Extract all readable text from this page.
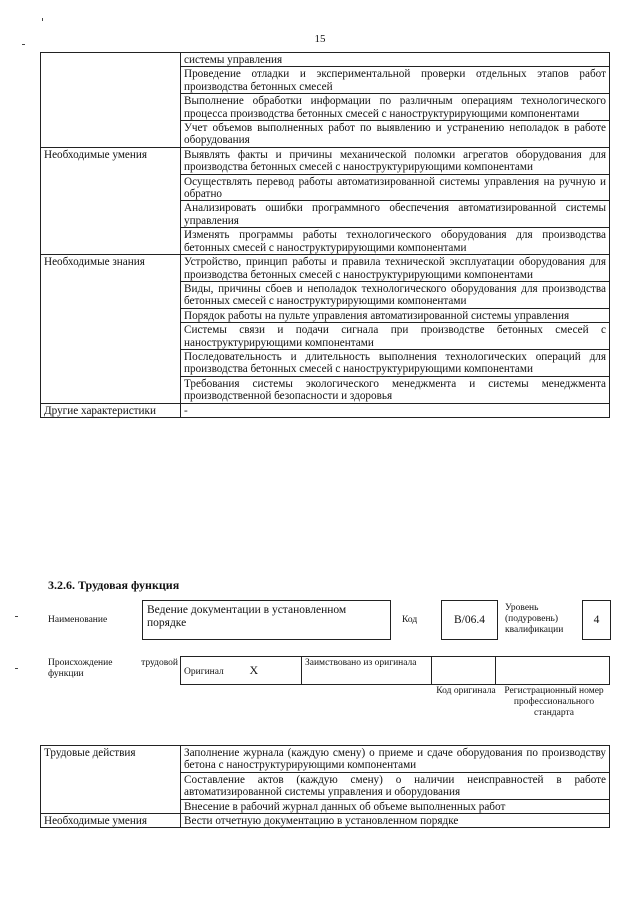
15
	системы управления
	Проведение отладки и экспериментальной проверки отдельных этапов работ производства бетонных смесей
	Выполнение обработки информации по различным операциям технологического процесса производства бетонных смесей с наноструктурирующими компонентами
	Учет объемов выполненных работ по выявлению и устранению неполадок в работе оборудования
Необходимые умения	Выявлять факты и причины механической поломки агрегатов оборудования для производства бетонных смесей с наноструктурирующими компонентами
	Осуществлять перевод работы автоматизированной системы управления на ручную и обратно
	Анализировать ошибки программного обеспечения автоматизированной системы управления
	Изменять программы работы технологического оборудования для производства бетонных смесей с наноструктурирующими компонентами
Необходимые знания	Устройство, принцип работы и правила технической эксплуатации оборудования для производства бетонных смесей с наноструктурирующими компонентами
	Виды, причины сбоев и неполадок технологического оборудования для производства бетонных смесей с наноструктурирующими компонентами
	Порядок работы на пульте управления автоматизированной системы управления
	Системы связи и подачи сигнала при производстве бетонных смесей с наноструктурирующими компонентами
	Последовательность и длительность выполнения технологических операций для производства бетонных смесей с наноструктурирующими компонентами
	Требования системы экологического менеджмента и системы менеджмента производственной безопасности и здоровья
Другие характеристики	-
3.2.6. Трудовая функция
Наименование
Ведение документации в установленном порядке	Код	B/06.4
Уровень (подуровень) квалификации
4
Происхождение трудовой функции	Оригинал	X	Заимствовано из оригинала		
Код оригинала Регистрационный номер профессионального стандарта
Трудовые действия	Заполнение журнала (каждую смену) о приеме и сдаче оборудования по производству бетона с наноструктурирующими компонентами
	Составление актов (каждую смену) о наличии неисправностей в работе автоматизированной системы управления и оборудования
	Внесение в рабочий журнал данных об объеме выполненных работ
Необходимые умения	Вести отчетную документацию в установленном порядке
